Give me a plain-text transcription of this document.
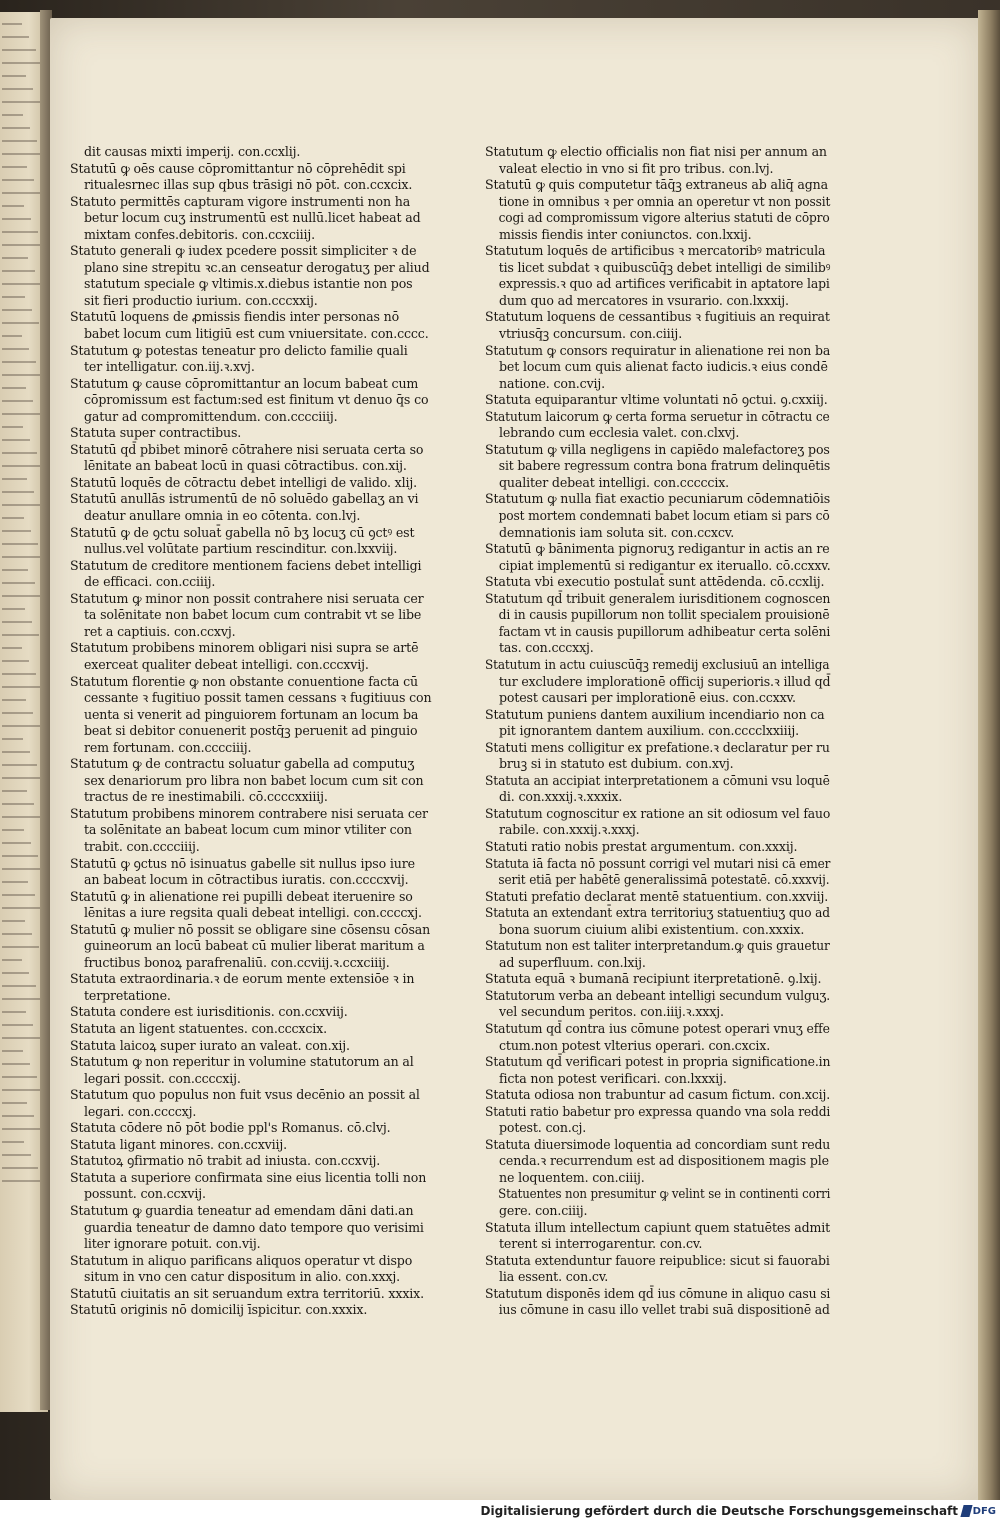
dit causas mixti imperij. con.ccxlij.
Statutū ꝙ oēs cause cōpromittantur nō cōprehēdit spi
ritualesrnec illas sup qbus trāsigi nō pōt. con.ccxcix.
Statuto permittēs capturam vigore instrumenti non ha
betur locum cuʒ instrumentū est nullū.licet habeat ad
mixtam confes.debitoris. con.ccxciiij.
Statuto generali ꝙ iudex pcedere possit simpliciter ꝛ de
plano sine strepitu ꝛc.an censeatur derogatuʒ per aliud
statutum speciale ꝙ vltimis.x.diebus istantie non pos
sit fieri productio iurium. con.cccxxij.
Statutū loquens de ꝓmissis fiendis inter personas nō
babet locum cum litigiū est cum vniuersitate. con.cccc.
Statutum ꝙ potestas teneatur pro delicto familie quali
ter intelligatur. con.iij.ꝛ.xvj.
Statutum ꝙ cause cōpromittantur an locum babeat cum
cōpromissum est factum:sed est finitum vt denuo q̄s co
gatur ad compromittendum. con.cccciiij.
Statuta super contractibus.
Statutū qd̄ pbibet minorē cōtrahere nisi seruata certa so
lēnitate an babeat locū in quasi cōtractibus. con.xij.
Statutū loquēs de cōtractu debet intelligi de valido. xlij.
Statutū anullās istrumentū de nō soluēdo gabellaʒ an vi
deatur anullare omnia in eo cōtenta. con.lvj.
Statutū ꝙ de ꝯctu soluat̄ gabella nō bʒ locuʒ cū ꝯctꝰ est
nullus.vel volūtate partium rescinditur. con.lxxviij.
Statutum de creditore mentionem faciens debet intelligi
de efficaci. con.cciiij.
Statutum ꝙ minor non possit contrahere nisi seruata cer
ta solēnitate non babet locum cum contrabit vt se libe
ret a captiuis. con.ccxvj.
Statutum probibens minorem obligari nisi supra se artē
exerceat qualiter debeat intelligi. con.cccxvij.
Statutum florentie ꝙ non obstante conuentione facta cū
cessante ꝛ fugitiuo possit tamen cessans ꝛ fugitiuus con
uenta si venerit ad pinguiorem fortunam an locum ba
beat si debitor conuenerit postq̄ꝫ peruenit ad pinguio
rem fortunam. con.cccciiij.
Statutum ꝙ de contractu soluatur gabella ad computuʒ
sex denariorum pro libra non babet locum cum sit con
tractus de re inestimabili. cō.ccccxxiiij.
Statutum probibens minorem contrabere nisi seruata cer
ta solēnitate an babeat locum cum minor vtiliter con
trabit. con.cccciiij.
Statutū ꝙ ꝯctus nō isinuatus gabelle sit nullus ipso iure
an babeat locum in cōtractibus iuratis. con.ccccxvij.
Statutū ꝙ in alienatione rei pupilli debeat iteruenire so
lēnitas a iure regsita quali debeat intelligi. con.ccccxj.
Statutū ꝙ mulier nō possit se obligare sine cōsensu cōsan
guineorum an locū babeat cū mulier liberat maritum a
fructibus bonoꝝ parafrenaliū. con.ccviij.ꝛ.ccxciiij.
Statuta extraordinaria.ꝛ de eorum mente extensiōe ꝛ in
terpretatione.
Statuta condere est iurisditionis. con.ccxviij.
Statuta an ligent statuentes. con.cccxcix.
Statuta laicoꝝ super iurato an valeat. con.xij.
Statutum ꝙ non reperitur in volumine statutorum an al
legari possit. con.ccccxij.
Statutum quo populus non fuit vsus decēnio an possit al
legari. con.ccccxj.
Statuta cōdere nō pōt bodie ppl's Romanus. cō.clvj.
Statuta ligant minores. con.ccxviij.
Statutoꝝ ꝯfirmatio nō trabit ad iniusta. con.ccxvij.
Statuta a superiore confirmata sine eius licentia tolli non
possunt. con.ccxvij.
Statutum ꝙ guardia teneatur ad emendam dāni dati.an
guardia teneatur de damno dato tempore quo verisimi
liter ignorare potuit. con.vij.
Statutum in aliquo parificans aliquos operatur vt dispo
situm in vno cen catur dispositum in alio. con.xxxj.
Statutū ciuitatis an sit seruandum extra territoriū. xxxix.
Statutū originis nō domicilij īspicitur. con.xxxix.
Statutum ꝙ electio officialis non fiat nisi per annum an
valeat electio in vno si fit pro tribus. con.lvj.
Statutū ꝙ quis computetur tāq̄ꝫ extraneus ab aliq̄ agna
tione in omnibus ꝛ per omnia an operetur vt non possit
cogi ad compromissum vigore alterius statuti de cōpro
missis fiendis inter coniunctos. con.lxxij.
Statutum loquēs de artificibus ꝛ mercatoribꝰ matricula
tis licet subdat ꝛ quibuscūq̄ꝫ debet intelligi de similibꝰ
expressis.ꝛ quo ad artifices verificabit in aptatore lapi
dum quo ad mercatores in vsurario. con.lxxxij.
Statutum loquens de cessantibus ꝛ fugitiuis an requirat
vtriusq̄ꝫ concursum. con.ciiij.
Statutum ꝙ consors requiratur in alienatione rei non ba
bet locum cum quis alienat facto iudicis.ꝛ eius condē
natione. con.cvij.
Statuta equiparantur vltime voluntati nō ꝯctui. ꝯ.cxxiij.
Statutum laicorum ꝙ certa forma seruetur in cōtractu ce
lebrando cum ecclesia valet. con.clxvj.
Statutum ꝙ villa negligens in capiēdo malefactoreʒ pos
sit babere regressum contra bona fratrum delinquētis
qualiter debeat intelligi. con.cccccix.
Statutum ꝙ nulla fiat exactio pecuniarum cōdemnatiōis
post mortem condemnati babet locum etiam si pars cō
demnationis iam soluta sit. con.ccxcv.
Statutū ꝙ bānimenta pignoruʒ redigantur in actis an re
cipiat implementū si redigantur ex iteruallo. cō.ccxxv.
Statuta vbi executio postulat̄ sunt attēdenda. cō.ccxlij.
Statutum qd̄ tribuit generalem iurisditionem cognoscen
di in causis pupillorum non tollit specialem prouisionē
factam vt in causis pupillorum adhibeatur certa solēni
tas. con.cccxxj.
Statutum in actu cuiuscūq̄ꝫ remedij exclusiuū an intelliga
tur excludere implorationē officij superioris.ꝛ illud qd̄
potest causari per implorationē eius. con.ccxxv.
Statutum puniens dantem auxilium incendiario non ca
pit ignorantem dantem auxilium. con.cccclxxiiij.
Statuti mens colligitur ex prefatione.ꝛ declaratur per ru
bruꝫ si in statuto est dubium. con.xvj.
Statuta an accipiat interpretationem a cōmuni vsu loquē
di. con.xxxij.ꝛ.xxxix.
Statutum cognoscitur ex ratione an sit odiosum vel fauo
rabile. con.xxxij.ꝛ.xxxj.
Statuti ratio nobis prestat argumentum. con.xxxij.
Statuta iā facta nō possunt corrigi vel mutari nisi cā emer
serit etiā per habētē generalissimā potestatē. cō.xxxvij.
Statuti prefatio declarat mentē statuentium. con.xxviij.
Statuta an extendant̄ extra territoriuʒ statuentiuʒ quo ad
bona suorum ciuium alibi existentium. con.xxxix.
Statutum non est taliter interpretandum.ꝙ quis grauetur
ad superfluum. con.lxij.
Statuta equā ꝛ bumanā recipiunt iterpretationē. ꝯ.lxij.
Statutorum verba an debeant intelligi secundum vulguʒ.
vel secundum peritos. con.iiij.ꝛ.xxxj.
Statutum qd̄ contra ius cōmune potest operari vnuʒ effe
ctum.non potest vlterius operari. con.cxcix.
Statutum qd̄ verificari potest in propria significatione.in
ficta non potest verificari. con.lxxxij.
Statuta odiosa non trabuntur ad casum fictum. con.xcij.
Statuti ratio babetur pro expressa quando vna sola reddi
potest. con.cj.
Statuta diuersimode loquentia ad concordiam sunt redu
cenda.ꝛ recurrendum est ad dispositionem magis ple
ne loquentem. con.ciiij.
Statuentes non presumitur ꝙ velint se in continenti corri
gere. con.ciiij.
Statuta illum intellectum capiunt quem statuētes admit
terent si interrogarentur. con.cv.
Statuta extenduntur fauore reipublice: sicut si fauorabi
lia essent. con.cv.
Statutum disponēs idem qd̄ ius cōmune in aliquo casu si
ius cōmune in casu illo vellet trabi suā dispositionē ad
Digitalisierung gefördert durch die Deutsche Forschungsgemeinschaft DFG
